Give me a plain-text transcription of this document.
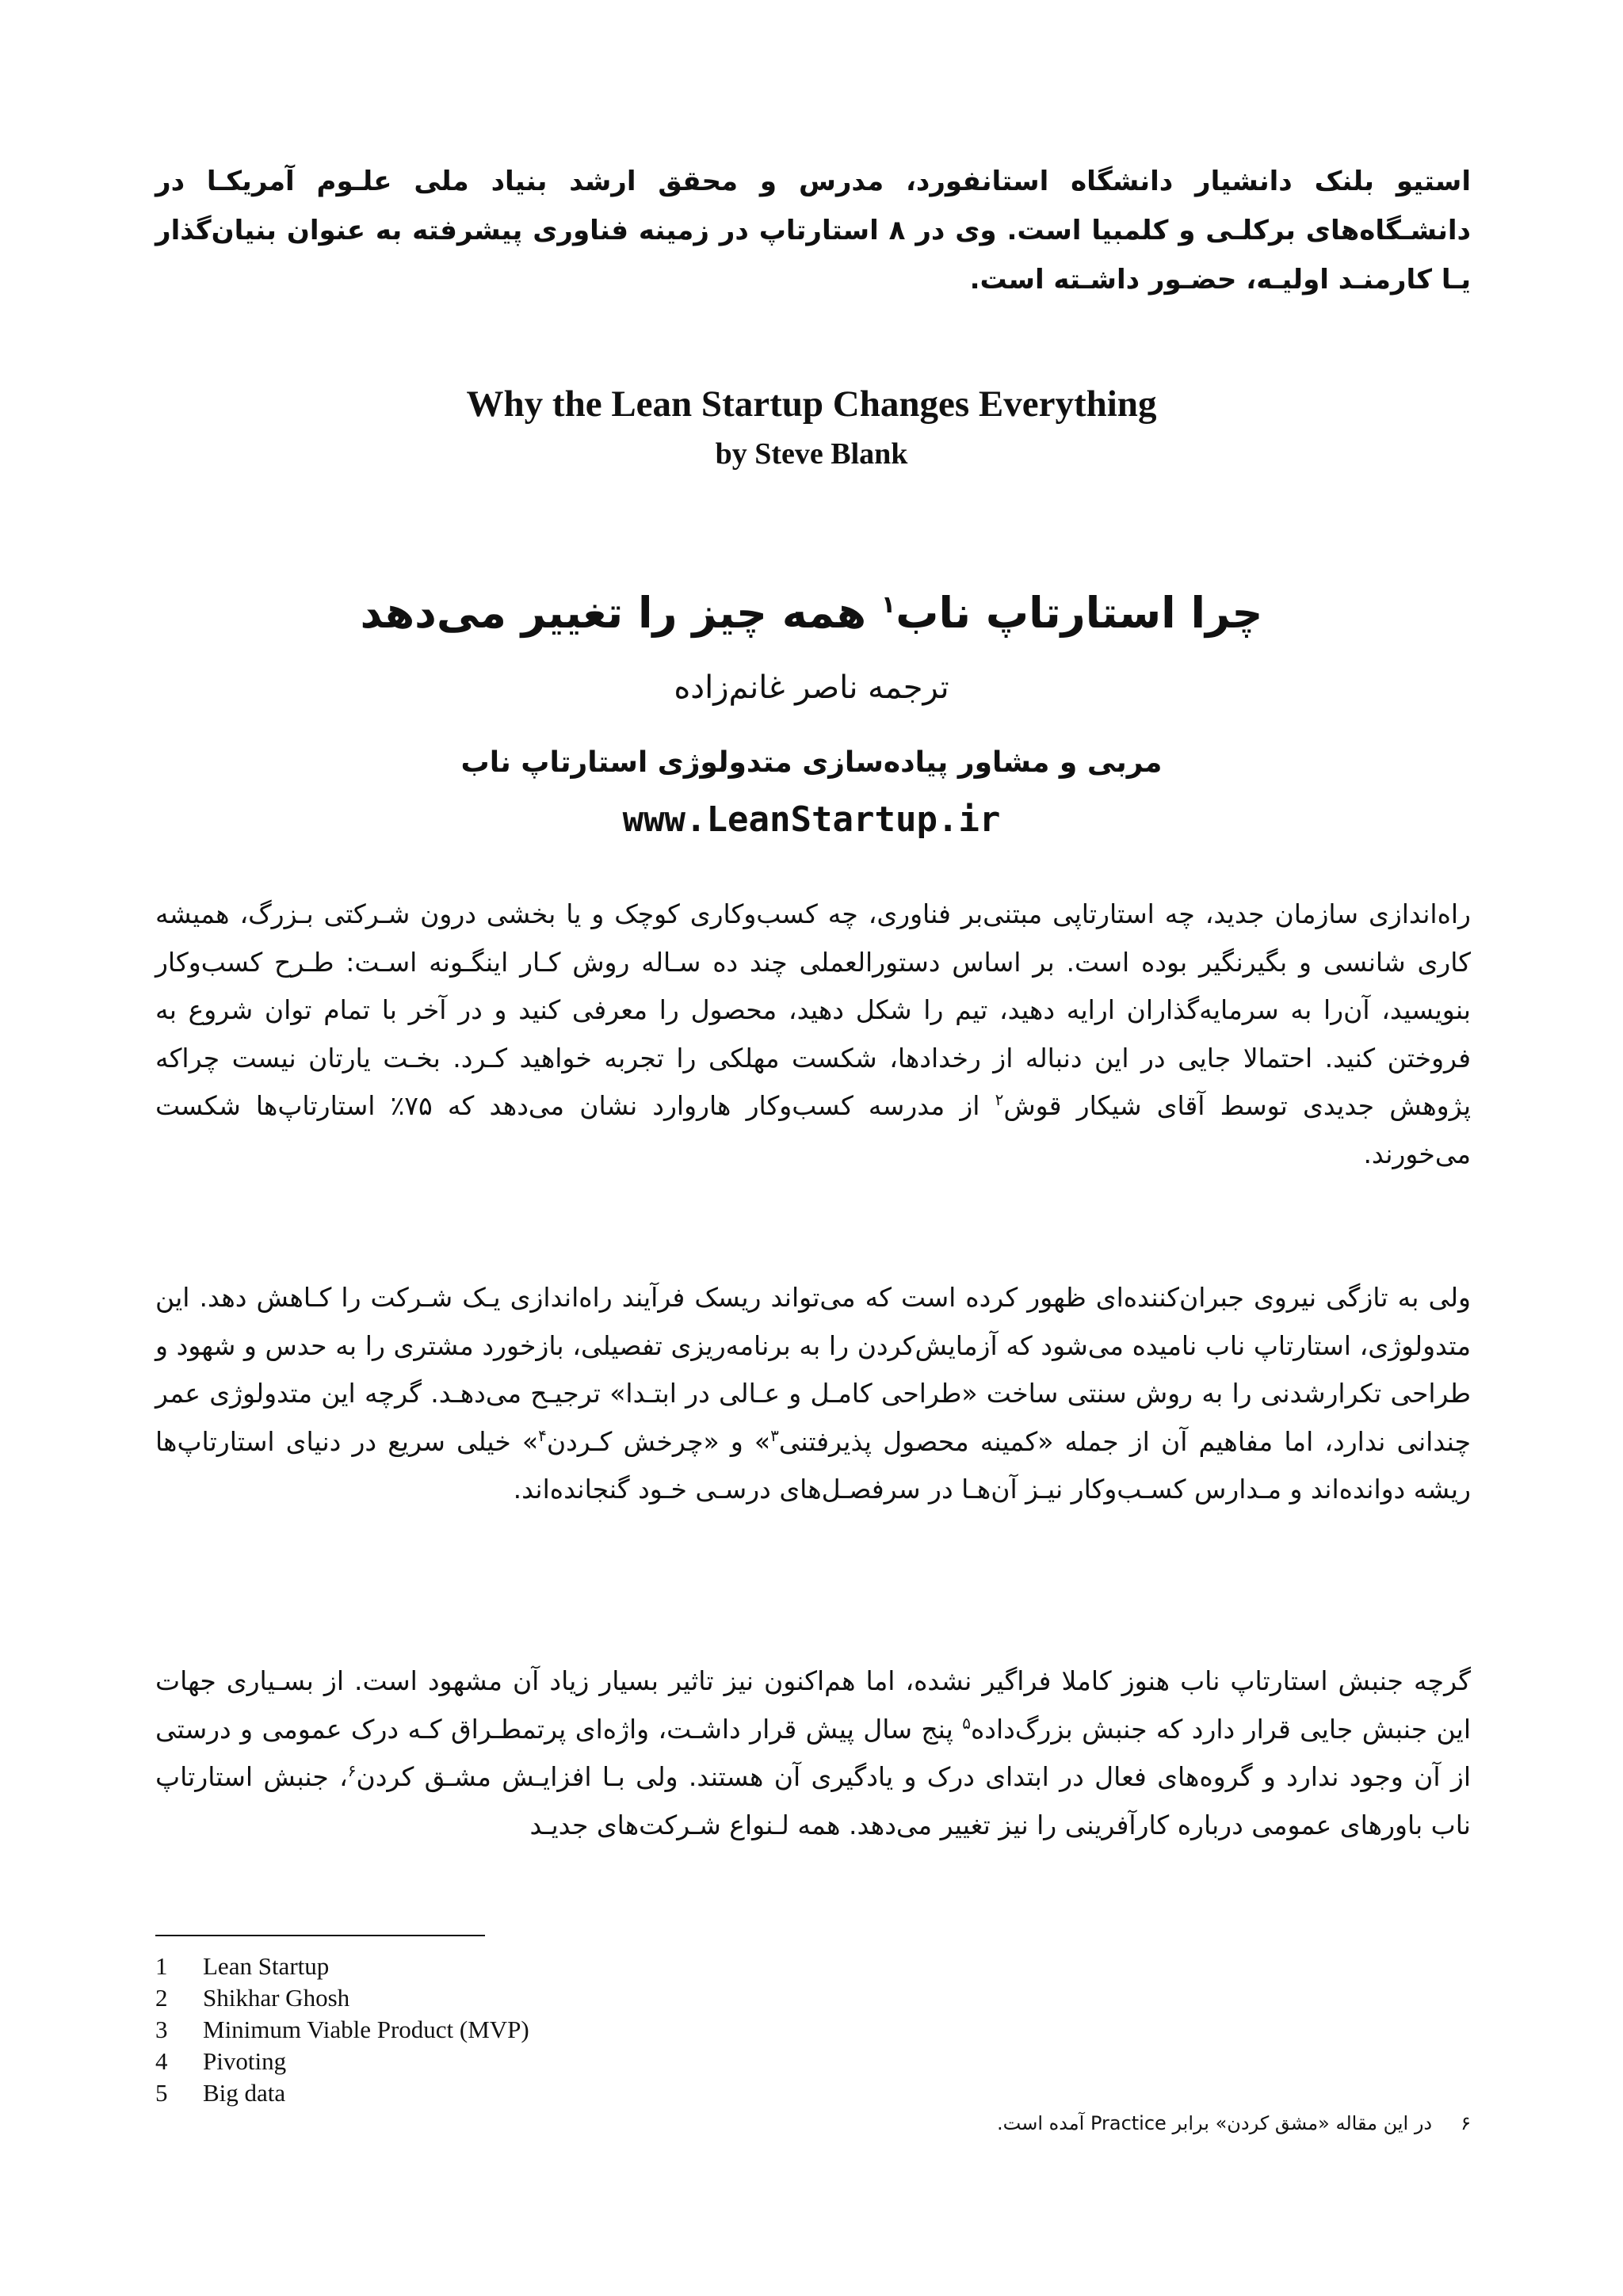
استیو بلنک دانشیار دانشگاه استانفورد، مدرس و محقق ارشد بنیاد ملی علـوم آمریکـا در دانشـگاه‌های برکلـی و کلمبیا است. وی در ۸ استارتاپ در زمینه فناوری پیشرفته به عنوان بنیان‌گذار یـا کارمنـد اولیـه، حضـور داشـته است.

Why the Lean Startup Changes Everything
by Steve Blank
چرا استارتاپ ناب$^۱$ همه چیز را تغییر می‌دهد
ترجمه ناصر غانم‌زاده
مربی و مشاور پیاده‌سازی متدولوژی استارتاپ ناب
www.LeanStartup.ir

راه‌اندازی سازمان جدید، چه استارتاپی مبتنی‌بر فناوری، چه کسب‌وکاری کوچک و یا بخشی درون شـرکتی بـزرگ، همیشه کاری شانسی و بگیرنگیر بوده است. بر اساس دستورالعملی چند ده سـاله روش کـار اینگـونه اسـت: طـرح کسب‌وکار بنویسید، آن‌را به سرمایه‌گذاران ارایه دهید، تیم را شکل دهید، محصول را معرفی کنید و در آخر با تمام توان شروع به فروختن کنید. احتمالا جایی در این دنباله از رخدادها، شکست مهلکی را تجربه خواهید کـرد. بخـت یارتان نیست چراکه پژوهش جدیدی توسط آقای شیکار قوش$^۲$ از مدرسه کسب‌وکار هاروارد نشان می‌دهد که ۷۵٪ استارتاپ‌ها شکست می‌خورند.

ولی به تازگی نیروی جبران‌کننده‌ای ظهور کرده است که می‌تواند ریسک فرآیند راه‌اندازی یـک شـرکت را کـاهش دهد. این متدولوژی، استارتاپ ناب نامیده می‌شود که آزمایش‌کردن را به برنامه‌ریزی تفصیلی، بازخورد مشتری را به حدس و شهود و طراحی تکرارشدنی را به روش سنتی ساخت «طراحی کامـل و عـالی در ابتـدا» ترجیـح می‌دهـد. گرچه این متدولوژی عمر چندانی ندارد، اما مفاهیم آن از جمله «کمینه محصول پذیرفتنی$^۳$» و «چرخش کـردن$^۴$» خیلی سریع در دنیای استارتاپ‌ها ریشه دوانده‌اند و مـدارس کسـب‌وکار نیـز آن‌هـا در سرفصـل‌های درسـی خـود گنجانده‌اند.

گرچه جنبش استارتاپ ناب هنوز کاملا فراگیر نشده، اما هم‌اکنون نیز تاثیر بسیار زیاد آن مشهود است. از بسـیاری جهات این جنبش جایی قرار دارد که جنبش بزرگ‌داده$^۵$ پنج سال پیش قرار داشـت، واژه‌ای پرتمطـراق کـه درک عمومی و درستی از آن وجود ندارد و گروه‌های فعال در ابتدای درک و یادگیری آن هستند. ولی بـا افزایـش مشـق کردن$^۶$، جنبش استارتاپ ناب باورهای عمومی درباره کارآفرینی را نیز تغییر می‌دهد. همه لـنواع شـرکت‌های جدیـد

1	Lean Startup
2	Shikhar Ghosh
3	Minimum Viable Product (MVP)
4	Pivoting
5	Big data
۶در این مقاله «مشق کردن» برابر Practice آمده است.
